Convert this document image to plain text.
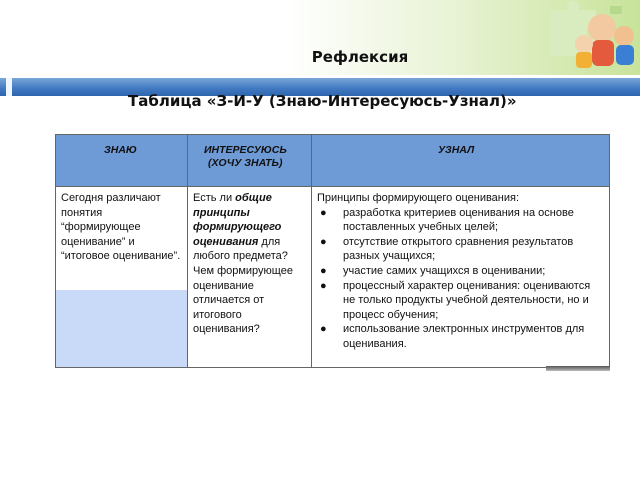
Рефлексия
Таблица «З-И-У (Знаю-Интересуюсь-Узнал)»
ЗНАЮ
Сегодня различают понятия “формирующее оценивание” и “итоговое оценивание”.
ИНТЕРЕСУЮСЬ
(ХОЧУ ЗНАТЬ)
Есть ли общие принципы формирующего оценивания для любого предмета? Чем формирующее оценивание отличается от итогового оценивания?
УЗНАЛ
Принципы формирующего оценивания:
● разработка критериев оценивания на основе поставленных учебных целей;
● отсутствие открытого сравнения результатов разных учащихся;
● участие самих учащихся в оценивании;
● процессный характер оценивания: оцениваются не только продукты учебной деятельности, но и процесс обучения;
● использование электронных инструментов для оценивания.
